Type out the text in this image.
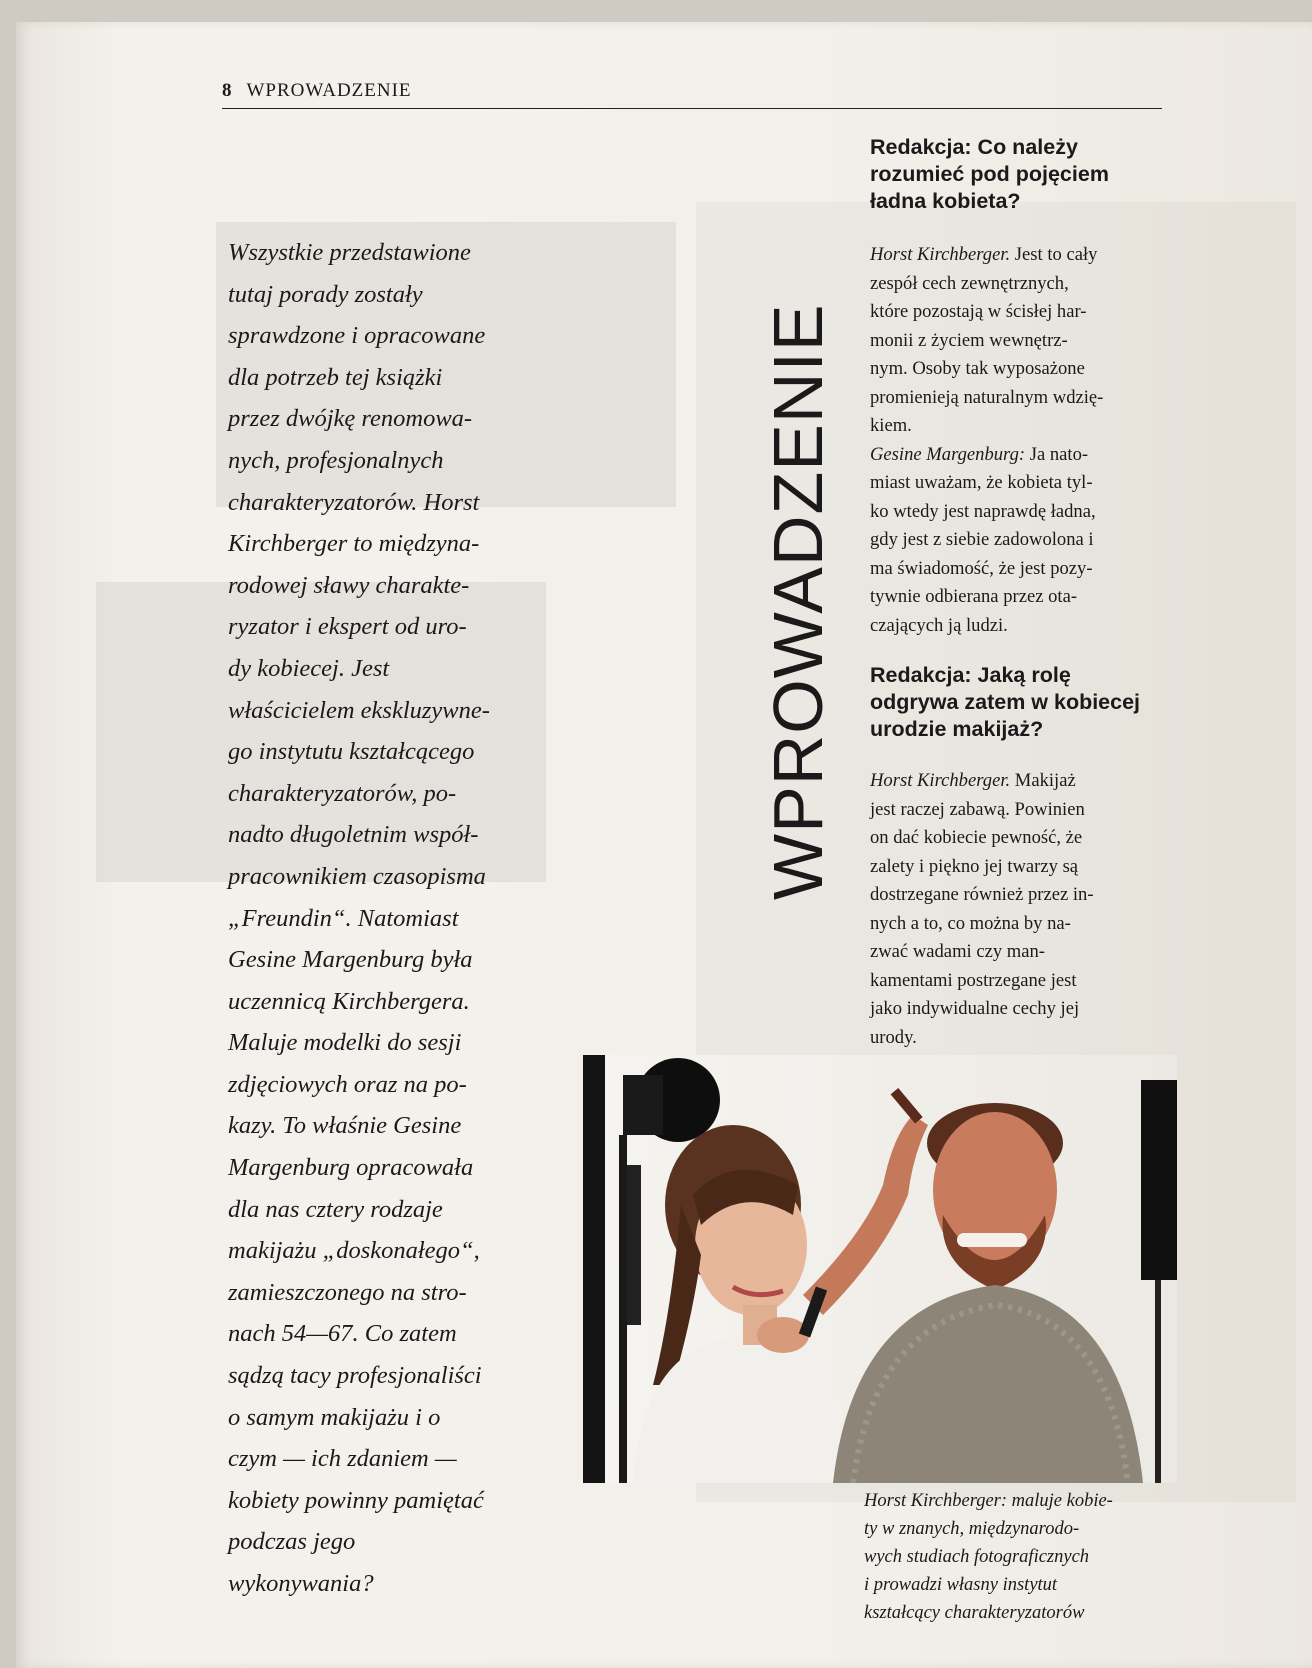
8 WPROWADZENIE
Wszystkie przedstawione
tutaj porady zostały
sprawdzone i opracowane
dla potrzeb tej książki
przez dwójkę renomowa-
nych, profesjonalnych
charakteryzatorów. Horst
Kirchberger to międzyna-
rodowej sławy charakte-
ryzator i ekspert od uro-
dy kobiecej. Jest
właścicielem ekskluzywne-
go instytutu kształcącego
charakteryzatorów, po-
nadto długoletnim współ-
pracownikiem czasopisma
„Freundin“. Natomiast
Gesine Margenburg była
uczennicą Kirchbergera.
Maluje modelki do sesji
zdjęciowych oraz na po-
kazy. To właśnie Gesine
Margenburg opracowała
dla nas cztery rodzaje
makijażu „doskonałego“,
zamieszczonego na stro-
nach 54—67. Co zatem
sądzą tacy profesjonaliści
o samym makijażu i o
czym — ich zdaniem —
kobiety powinny pamiętać
podczas jego
wykonywania?
WPROWADZENIE

Redakcja: Co należy
rozumieć pod pojęciem
ładna kobieta?

Horst Kirchberger. Jest to cały
zespół cech zewnętrznych,
które pozostają w ścisłej har-
monii z życiem wewnętrz-
nym. Osoby tak wyposażone
promienieją naturalnym wdzię-
kiem.

Gesine Margenburg: Ja nato-
miast uważam, że kobieta tyl-
ko wtedy jest naprawdę ładna,
gdy jest z siebie zadowolona i
ma świadomość, że jest pozy-
tywnie odbierana przez ota-
czających ją ludzi.

Redakcja: Jaką rolę
odgrywa zatem w kobiecej
urodzie makijaż?

Horst Kirchberger. Makijaż
jest raczej zabawą. Powinien
on dać kobiecie pewność, że
zalety i piękno jej twarzy są
dostrzegane również przez in-
nych a to, co można by na-
zwać wadami czy man-
kamentami postrzegane jest
jako indywidualne cechy jej
urody.

Horst Kirchberger: maluje kobie-
ty w znanych, międzynarodo-
wych studiach fotograficznych
i prowadzi własny instytut
kształcący charakteryzatorów
